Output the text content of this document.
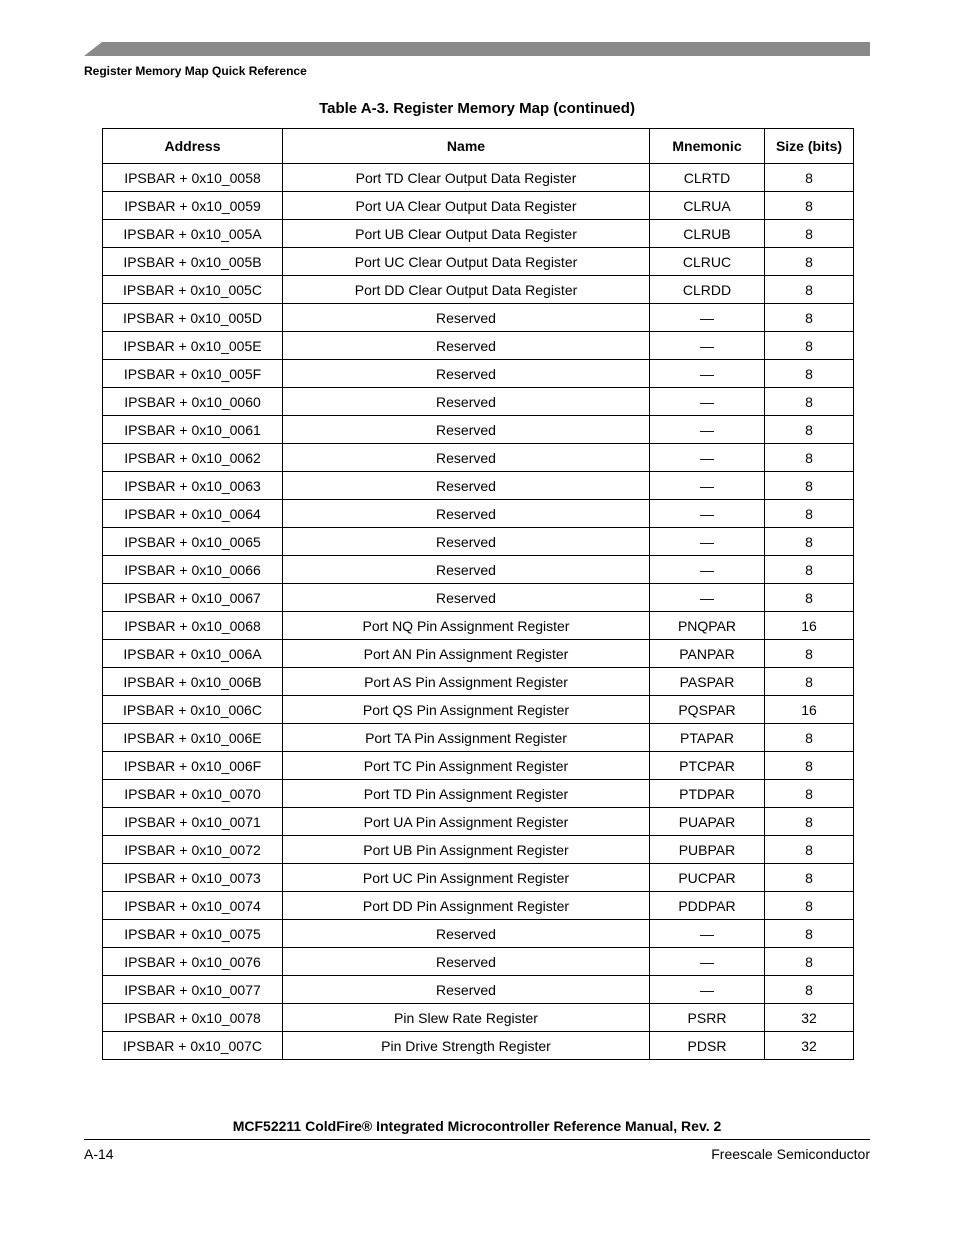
Register Memory Map Quick Reference
Table A-3. Register Memory Map (continued)
Address	Name	Mnemonic	Size (bits)
IPSBAR + 0x10_0058	Port TD Clear Output Data Register	CLRTD	8
IPSBAR + 0x10_0059	Port UA Clear Output Data Register	CLRUA	8
IPSBAR + 0x10_005A	Port UB Clear Output Data Register	CLRUB	8
IPSBAR + 0x10_005B	Port UC Clear Output Data Register	CLRUC	8
IPSBAR + 0x10_005C	Port DD Clear Output Data Register	CLRDD	8
IPSBAR + 0x10_005D	Reserved	—	8
IPSBAR + 0x10_005E	Reserved	—	8
IPSBAR + 0x10_005F	Reserved	—	8
IPSBAR + 0x10_0060	Reserved	—	8
IPSBAR + 0x10_0061	Reserved	—	8
IPSBAR + 0x10_0062	Reserved	—	8
IPSBAR + 0x10_0063	Reserved	—	8
IPSBAR + 0x10_0064	Reserved	—	8
IPSBAR + 0x10_0065	Reserved	—	8
IPSBAR + 0x10_0066	Reserved	—	8
IPSBAR + 0x10_0067	Reserved	—	8
IPSBAR + 0x10_0068	Port NQ Pin Assignment Register	PNQPAR	16
IPSBAR + 0x10_006A	Port AN Pin Assignment Register	PANPAR	8
IPSBAR + 0x10_006B	Port AS Pin Assignment Register	PASPAR	8
IPSBAR + 0x10_006C	Port QS Pin Assignment Register	PQSPAR	16
IPSBAR + 0x10_006E	Port TA Pin Assignment Register	PTAPAR	8
IPSBAR + 0x10_006F	Port TC Pin Assignment Register	PTCPAR	8
IPSBAR + 0x10_0070	Port TD Pin Assignment Register	PTDPAR	8
IPSBAR + 0x10_0071	Port UA Pin Assignment Register	PUAPAR	8
IPSBAR + 0x10_0072	Port UB Pin Assignment Register	PUBPAR	8
IPSBAR + 0x10_0073	Port UC Pin Assignment Register	PUCPAR	8
IPSBAR + 0x10_0074	Port DD Pin Assignment Register	PDDPAR	8
IPSBAR + 0x10_0075	Reserved	—	8
IPSBAR + 0x10_0076	Reserved	—	8
IPSBAR + 0x10_0077	Reserved	—	8
IPSBAR + 0x10_0078	Pin Slew Rate Register	PSRR	32
IPSBAR + 0x10_007C	Pin Drive Strength Register	PDSR	32
MCF52211 ColdFire® Integrated Microcontroller Reference Manual, Rev. 2
A-14	Freescale Semiconductor
